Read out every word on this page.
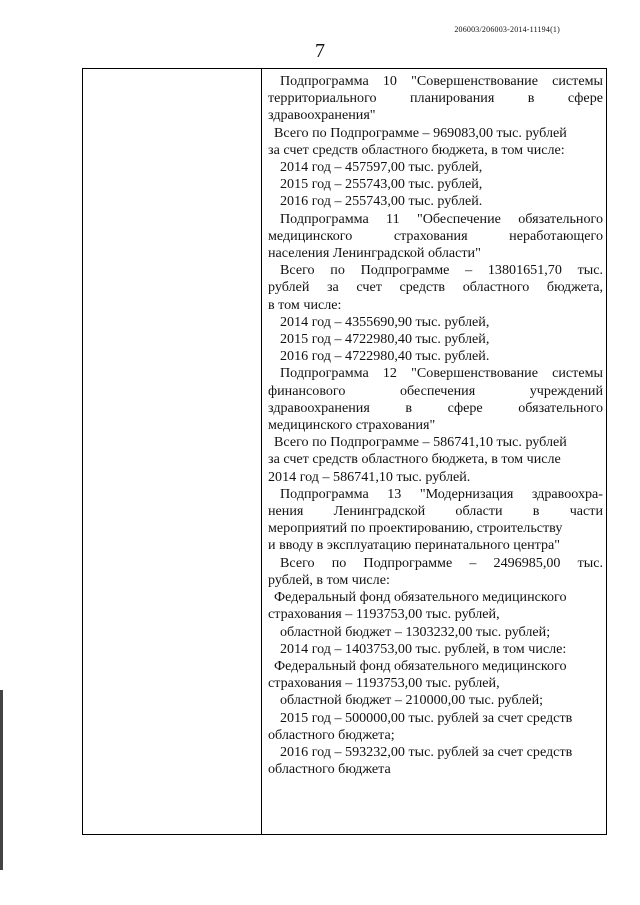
206003/206003-2014-11194(1)
7

Подпрограмма 10 "Совершенствование системы

территориального планирования в сфере

здравоохранения"
Всего по Подпрограмме – 969083,00 тыс. рублей
за счет средств областного бюджета, в том числе:
2014 год – 457597,00 тыс. рублей,
2015 год – 255743,00 тыс. рублей,
2016 год – 255743,00 тыс. рублей.

Подпрограмма 11 "Обеспечение обязательного

медицинского страхования неработающего

населения Ленинградской области"

Всего по Подпрограмме – 13801651,70 тыс.

рублей за счет средств областного бюджета,

в том числе:
2014 год – 4355690,90 тыс. рублей,
2015 год – 4722980,40 тыс. рублей,
2016 год – 4722980,40 тыс. рублей.

Подпрограмма 12 "Совершенствование системы

финансового обеспечения учреждений

здравоохранения в сфере обязательного

медицинского страхования"
Всего по Подпрограмме – 586741,10 тыс. рублей
за счет средств областного бюджета, в том числе
2014 год – 586741,10 тыс. рублей.

Подпрограмма 13 "Модернизация здравоохра-

нения Ленинградской области в части

мероприятий по проектированию, строительству
и вводу в эксплуатацию перинатального центра"

Всего по Подпрограмме – 2496985,00 тыс.

рублей, в том числе:
Федеральный фонд обязательного медицинского
страхования – 1193753,00 тыс. рублей,
областной бюджет – 1303232,00 тыс. рублей;
2014 год – 1403753,00 тыс. рублей, в том числе:
Федеральный фонд обязательного медицинского
страхования – 1193753,00 тыс. рублей,
областной бюджет – 210000,00 тыс. рублей;
2015 год – 500000,00 тыс. рублей за счет средств
областного бюджета;
2016 год – 593232,00 тыс. рублей за счет средств
областного бюджета
